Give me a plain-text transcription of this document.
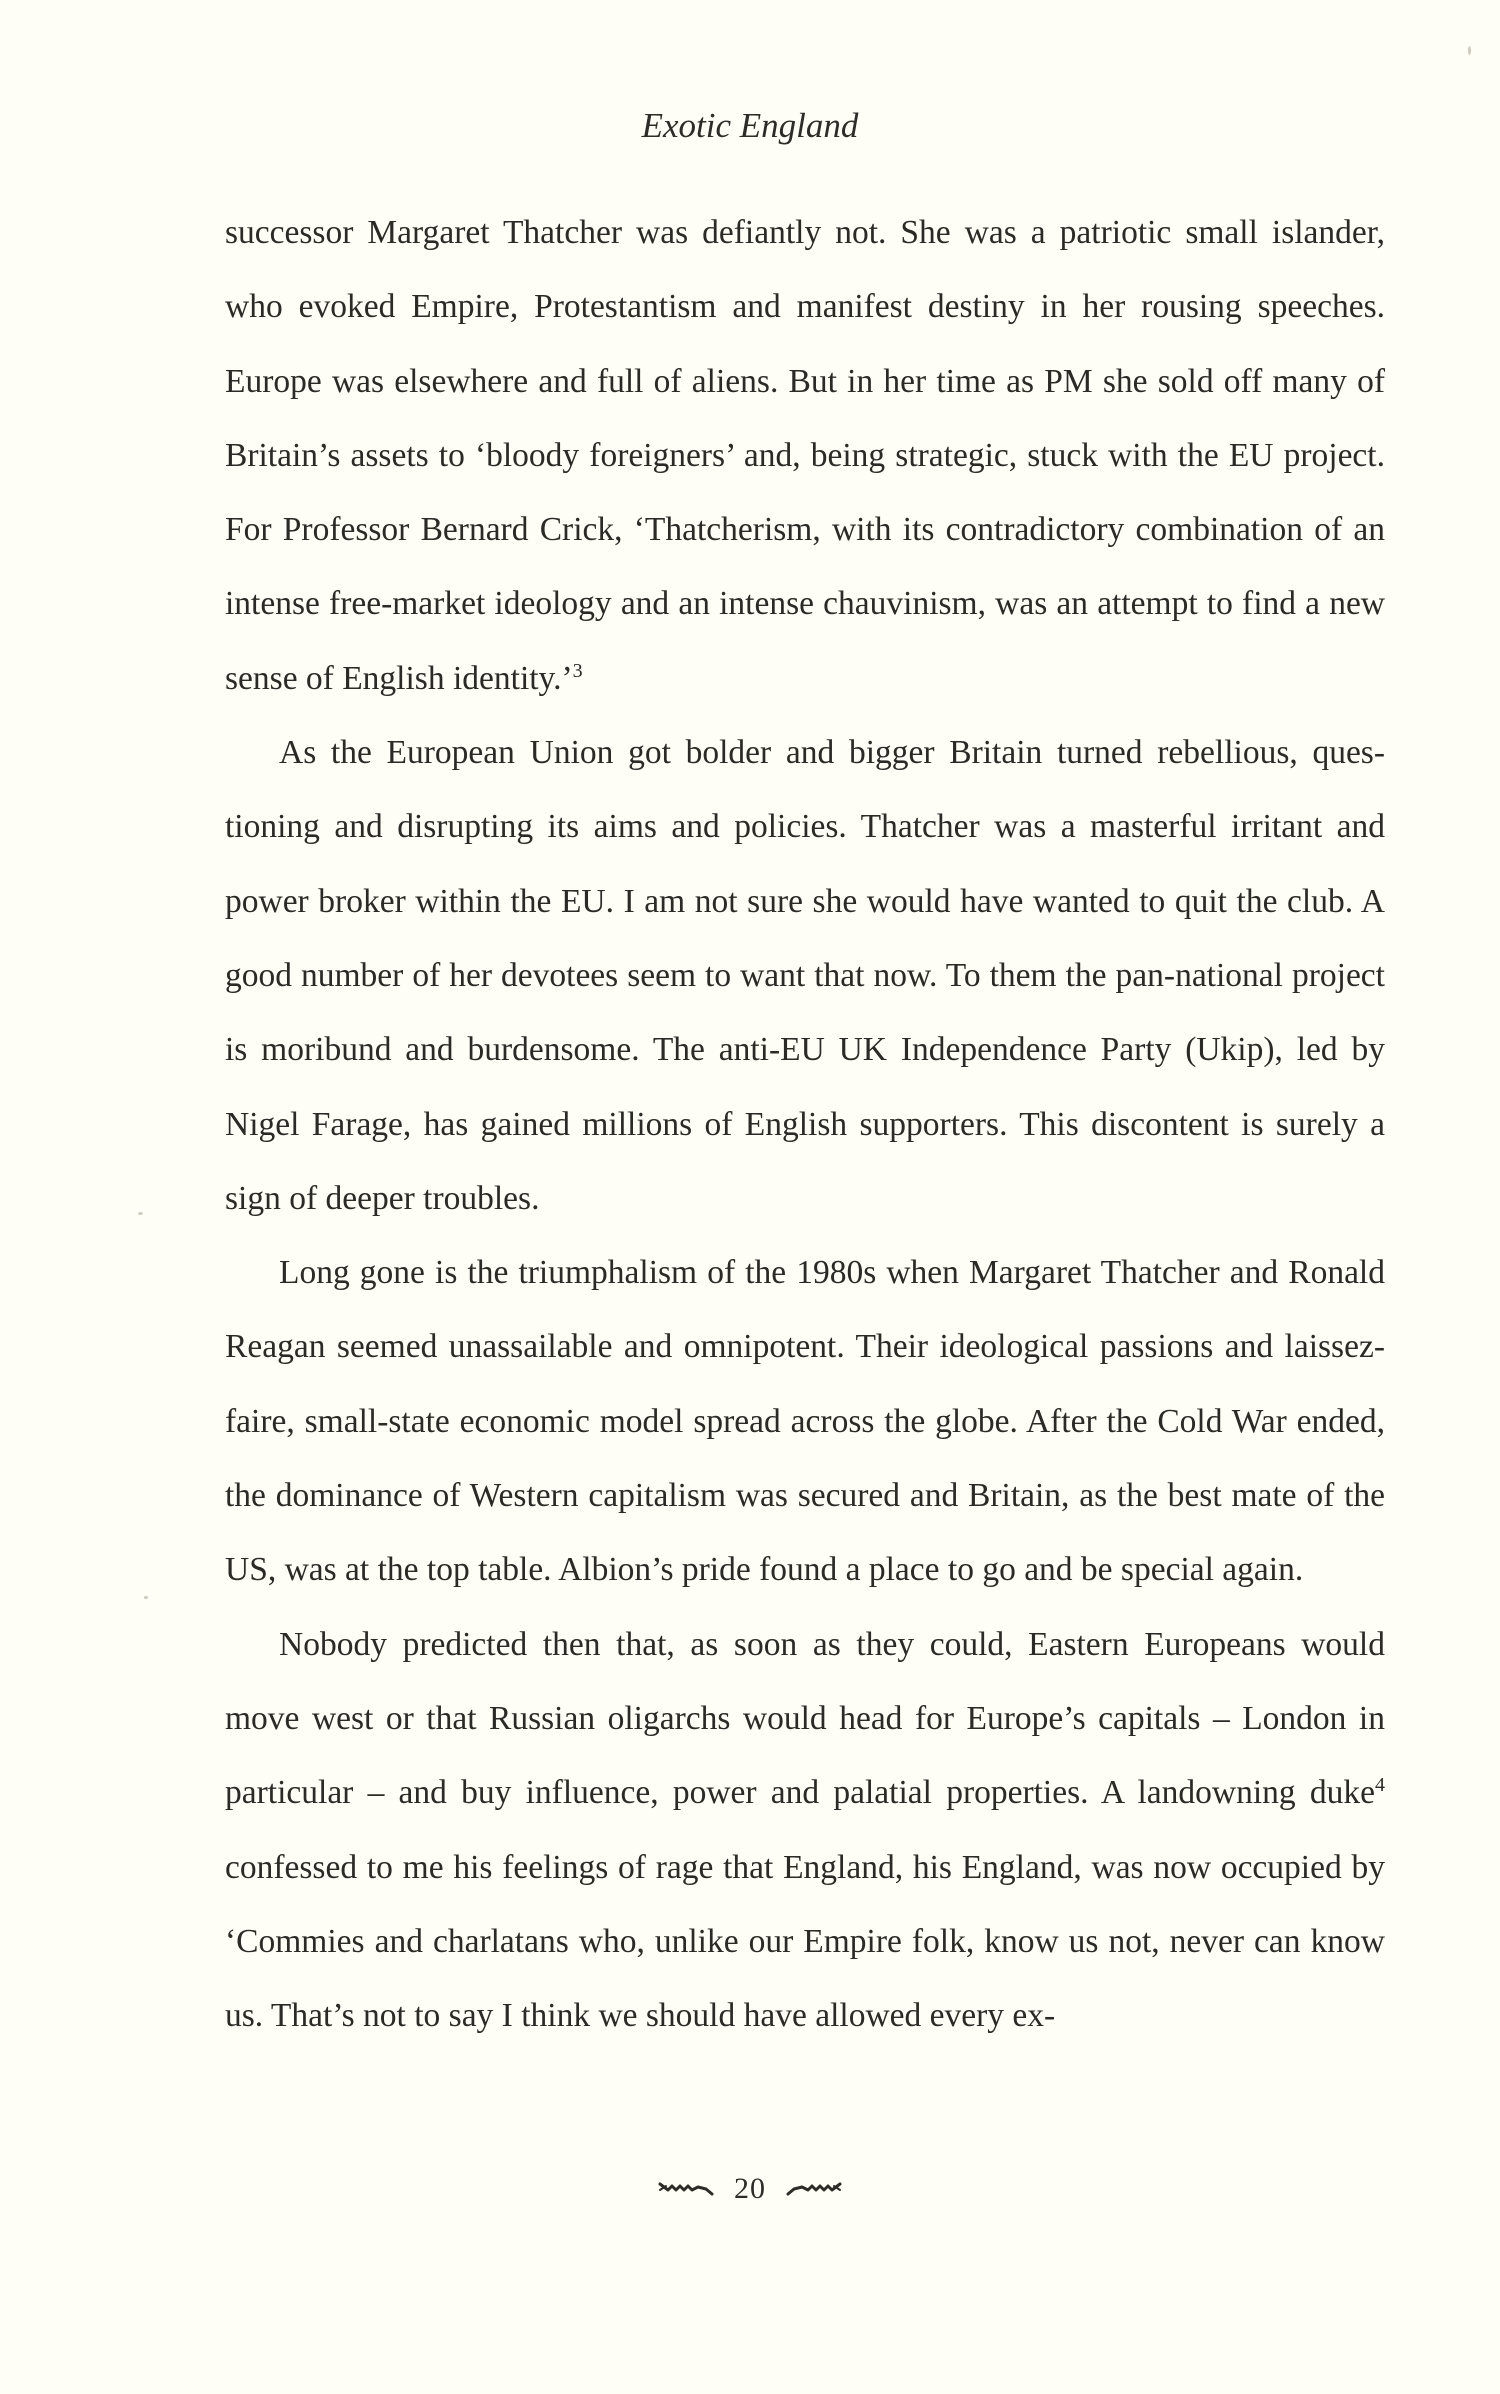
Exotic England

successor Margaret Thatcher was defiantly not. She was a patriotic small islander, who evoked Empire, Protestantism and manifest destiny in her rousing speeches. Europe was elsewhere and full of aliens. But in her time as PM she sold off many of Britain’s assets to ‘bloody foreigners’ and, being strategic, stuck with the EU project. For Professor Bernard Crick, ‘Thatcherism, with its contradictory combination of an intense free-market ideology and an intense chauvinism, was an attempt to find a new sense of English identity.’$^3$

As the European Union got bolder and bigger Britain turned rebellious, questioning and disrupting its aims and policies. Thatcher was a masterful irritant and power broker within the EU. I am not sure she would have wanted to quit the club. A good number of her devotees seem to want that now. To them the pan-national project is moribund and burdensome. The anti-EU UK Independence Party (Ukip), led by Nigel Farage, has gained millions of English supporters. This discontent is surely a sign of deeper troubles.

Long gone is the triumphalism of the 1980s when Margaret Thatcher and Ronald Reagan seemed unassailable and omnipotent. Their ideological passions and laissez-faire, small-state economic model spread across the globe. After the Cold War ended, the dominance of Western capitalism was secured and Britain, as the best mate of the US, was at the top table. Albion’s pride found a place to go and be special again.

Nobody predicted then that, as soon as they could, Eastern Europeans would move west or that Russian oligarchs would head for Europe’s capitals – London in particular – and buy influence, power and palatial properties. A landowning duke$^4$ confessed to me his feelings of rage that England, his England, was now occupied by ‘Commies and charlatans who, unlike our Empire folk, know us not, never can know us. That’s not to say I think we should have allowed every ex-

20
